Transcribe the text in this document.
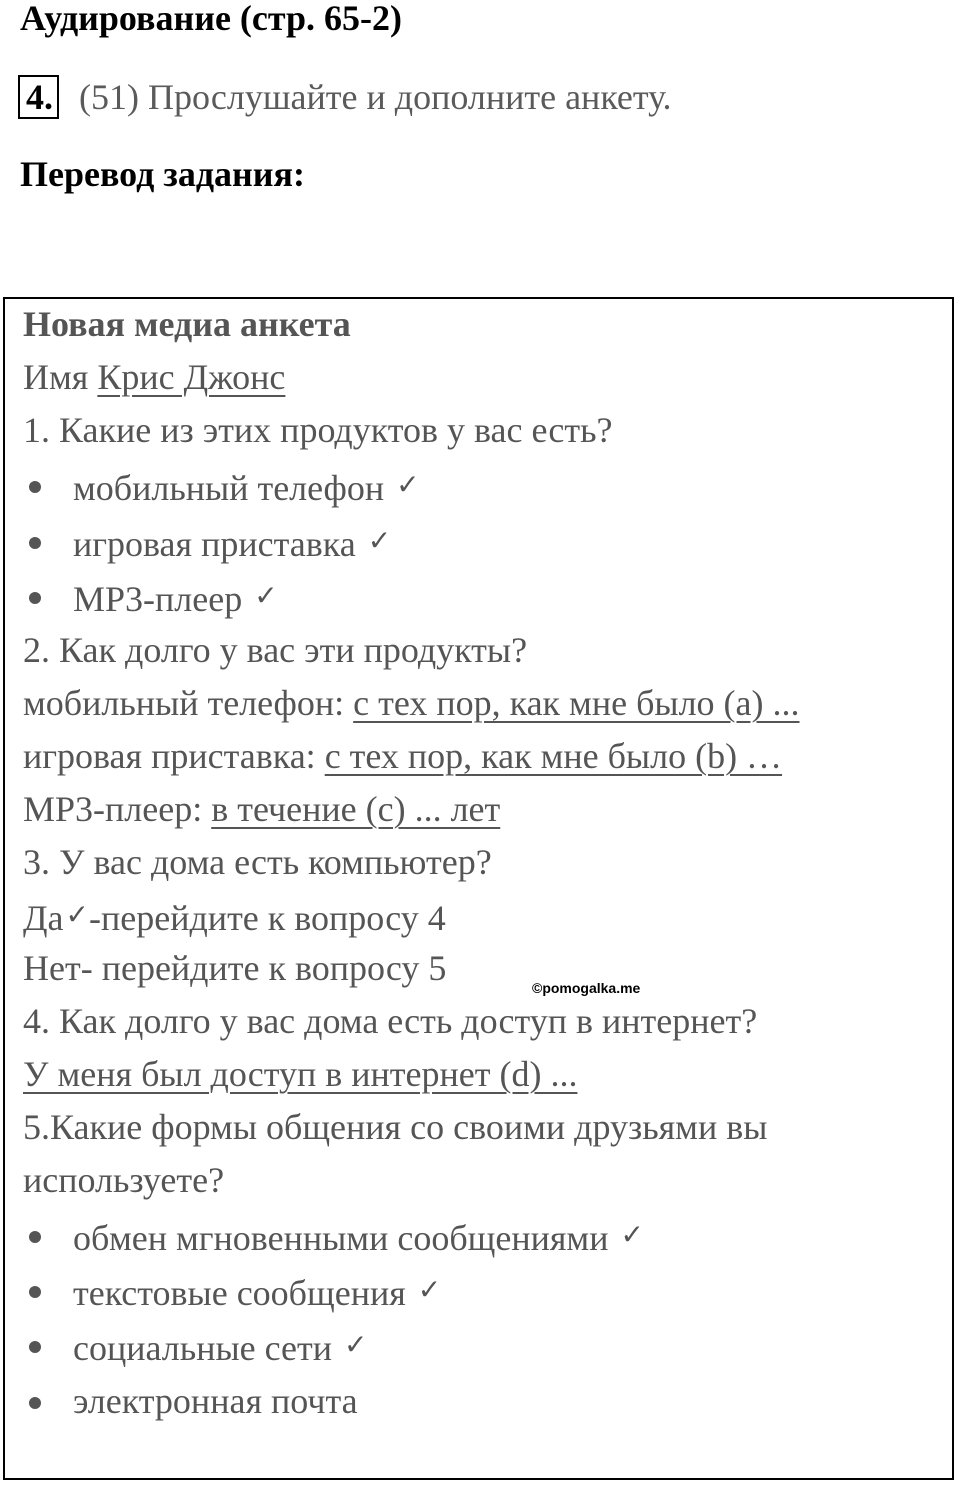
Аудирование (стр. 65-2)
4. (51) Прослушайте и дополните анкету.
Перевод задания:
Новая медиа анкета
Имя Крис Джонс
1. Какие из этих продуктов у вас есть?
мобильный телефон ✓
игровая приставка ✓
MP3-плеер ✓
2. Как долго у вас эти продукты?
мобильный телефон: с тех пор, как мне было (a) ...
игровая приставка: с тех пор, как мне было (b) …
MP3-плеер: в течение (c) ... лет
3. У вас дома есть компьютер?
Да✓-перейдите к вопросу 4
Нет- перейдите к вопросу 5
4. Как долго у вас дома есть доступ в интернет?
У меня был доступ в интернет (d) ...
5.Какие формы общения со своими друзьями вы
используете?
обмен мгновенными сообщениями ✓
текстовые сообщения ✓
социальные сети ✓
электронная почта
©pomogalka.me
